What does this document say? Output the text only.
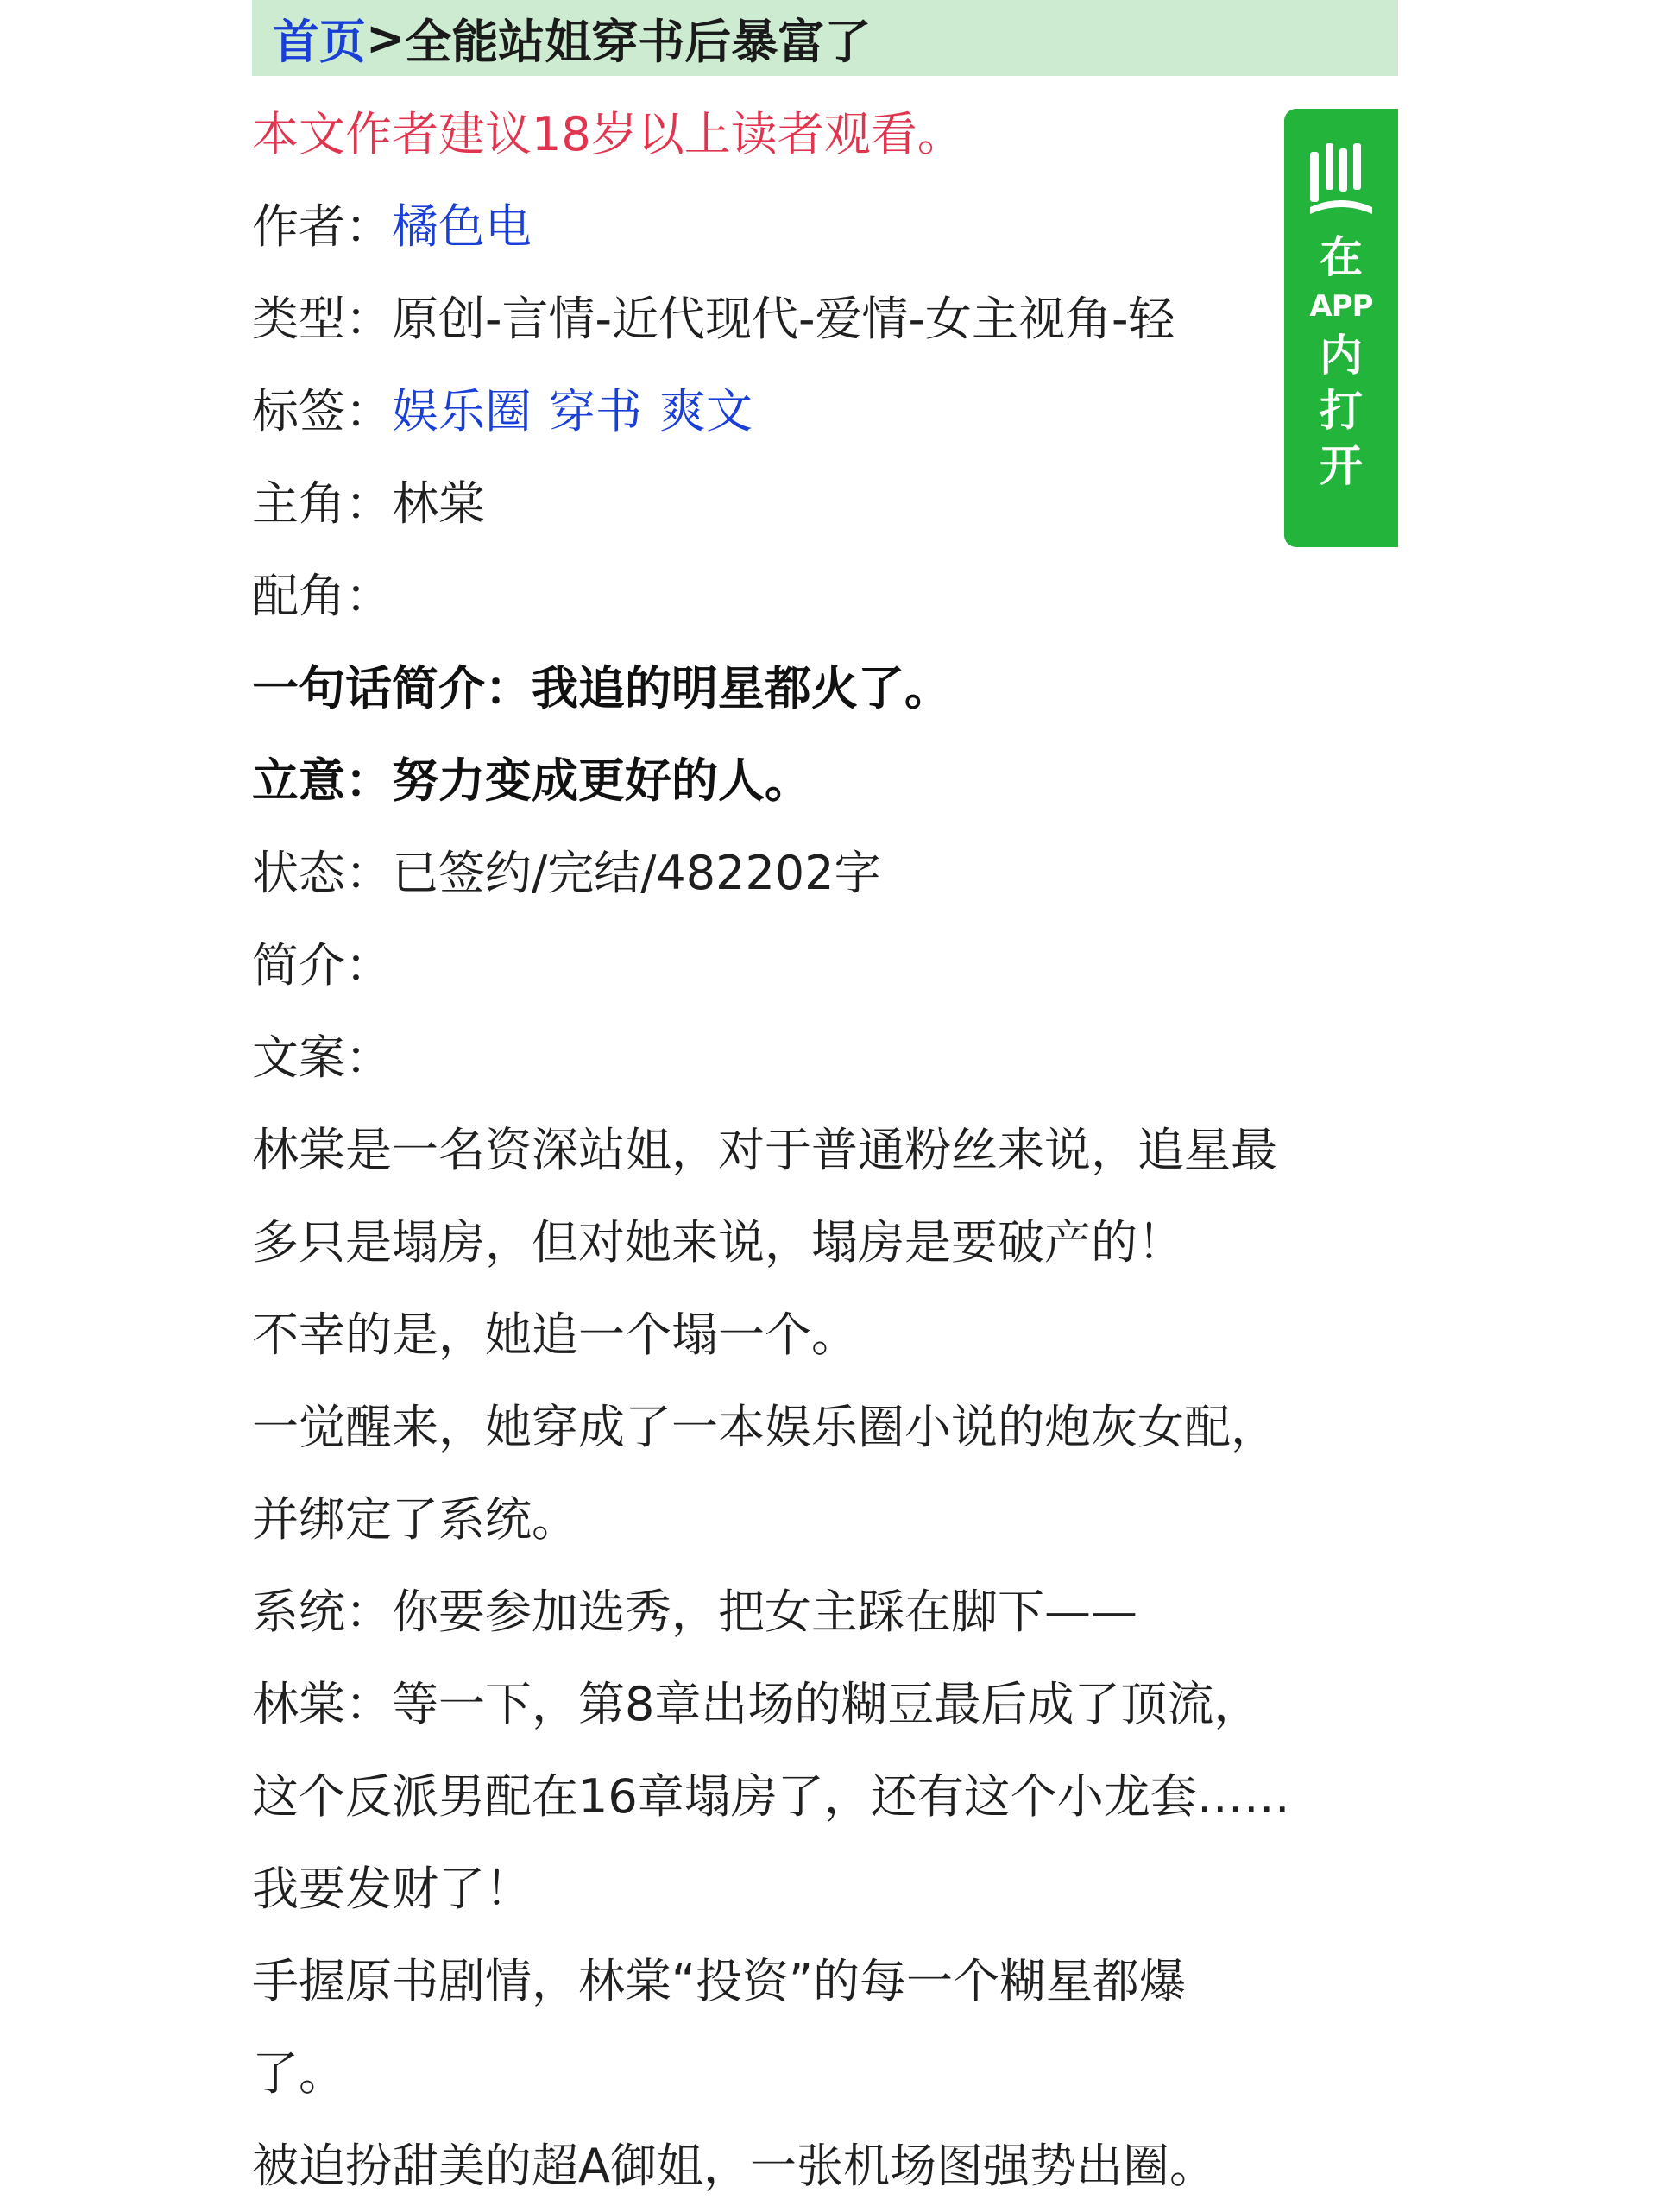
首页 > 全能站姐穿书后暴富了
本文作者建议18岁以上读者观看。
作者：橘色电
类型：原创-言情-近代现代-爱情-女主视角-轻
标签：娱乐圈 穿书 爽文
主角：林棠
配角：
一句话简介：我追的明星都火了。
立意：努力变成更好的人。
状态：已签约/完结/482202字
简介：
文案：
林棠是一名资深站姐，对于普通粉丝来说，追星最
多只是塌房，但对她来说，塌房是要破产的！
不幸的是，她追一个塌一个。
一觉醒来，她穿成了一本娱乐圈小说的炮灰女配，
并绑定了系统。
系统：你要参加选秀，把女主踩在脚下——
林棠：等一下，第8章出场的糊豆最后成了顶流，
这个反派男配在16章塌房了，还有这个小龙套……
我要发财了！
手握原书剧情，林棠“投资”的每一个糊星都爆
了。
被迫扮甜美的超A御姐，一张机场图强势出圈。
在
APP
内
打
开
